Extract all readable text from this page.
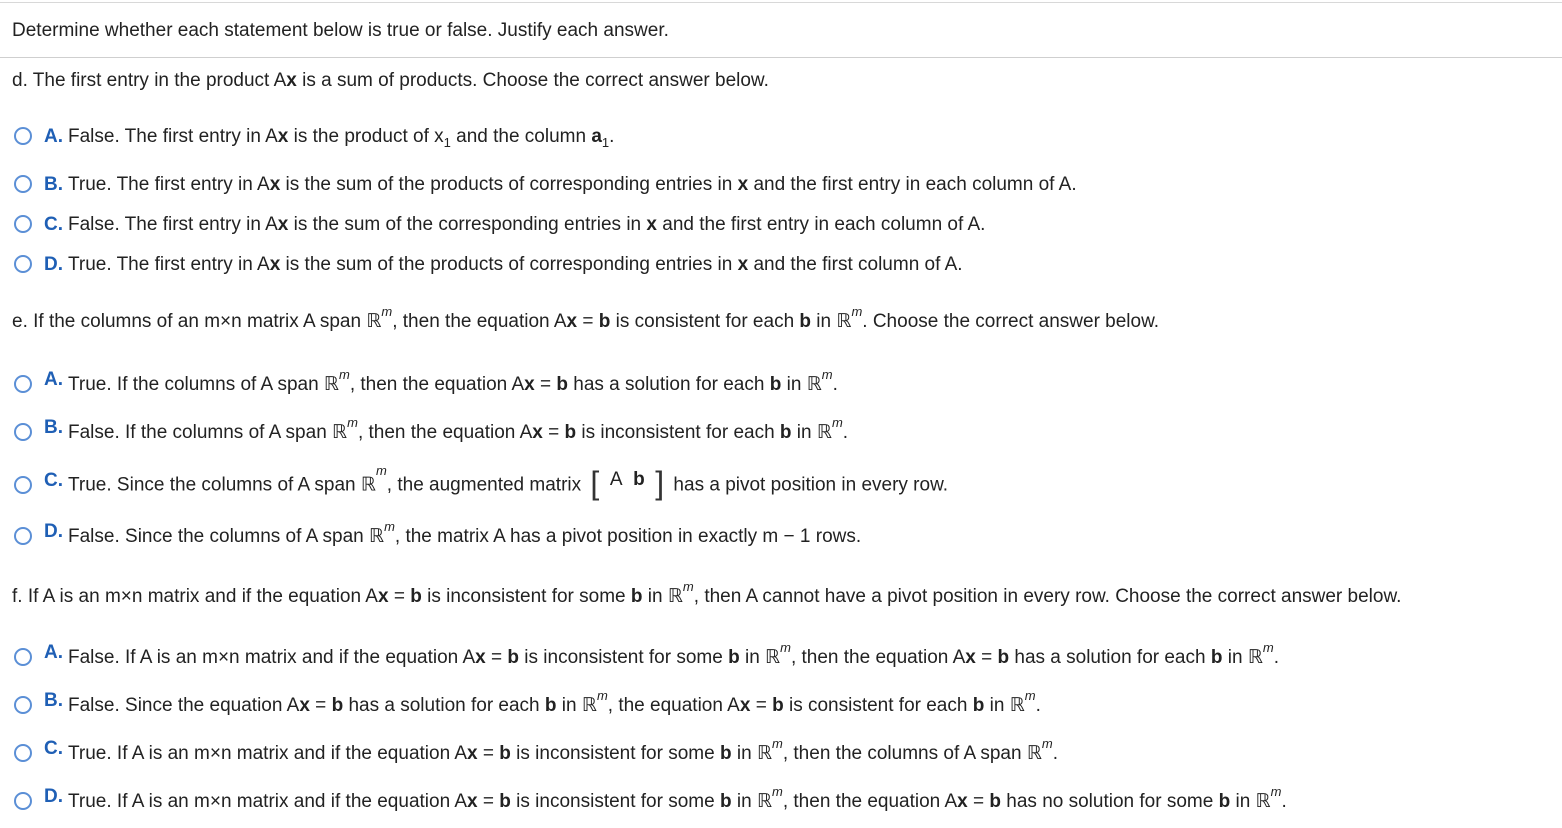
Determine whether each statement below is true or false. Justify each answer.
d. The first entry in the product Ax is a sum of products. Choose the correct answer below.
A. False. The first entry in Ax is the product of $x_1$ and the column $a_1$.
B. True. The first entry in Ax is the sum of the products of corresponding entries in x and the first entry in each column of A.
C. False. The first entry in Ax is the sum of the corresponding entries in x and the first entry in each column of A.
D. True. The first entry in Ax is the sum of the products of corresponding entries in x and the first column of A.
e. If the columns of an m×n matrix A span ℝ$^m$, then the equation Ax = b is consistent for each b in ℝ$^m$. Choose the correct answer below.
A. True. If the columns of A span ℝ$^m$, then the equation Ax = b has a solution for each b in ℝ$^m$.
B. False. If the columns of A span ℝ$^m$, then the equation Ax = b is inconsistent for each b in ℝ$^m$.
C. True. Since the columns of A span ℝ$^m$, the augmented matrix [ A b
] has a pivot position in every row.
D. False. Since the columns of A span ℝ$^m$, the matrix A has a pivot position in exactly m − 1 rows.
f. If A is an m×n matrix and if the equation Ax = b is inconsistent for some b in ℝ$^m$, then A cannot have a pivot position in every row. Choose the correct answer below.
A. False. If A is an m×n matrix and if the equation Ax = b is inconsistent for some b in ℝ$^m$, then the equation Ax = b has a solution for each b in ℝ$^m$.
B. False. Since the equation Ax = b has a solution for each b in ℝ$^m$, the equation Ax = b is consistent for each b in ℝ$^m$.
C. True. If A is an m×n matrix and if the equation Ax = b is inconsistent for some b in ℝ$^m$, then the columns of A span ℝ$^m$.
D. True. If A is an m×n matrix and if the equation Ax = b is inconsistent for some b in ℝ$^m$, then the equation Ax = b has no solution for some b in ℝ$^m$.
